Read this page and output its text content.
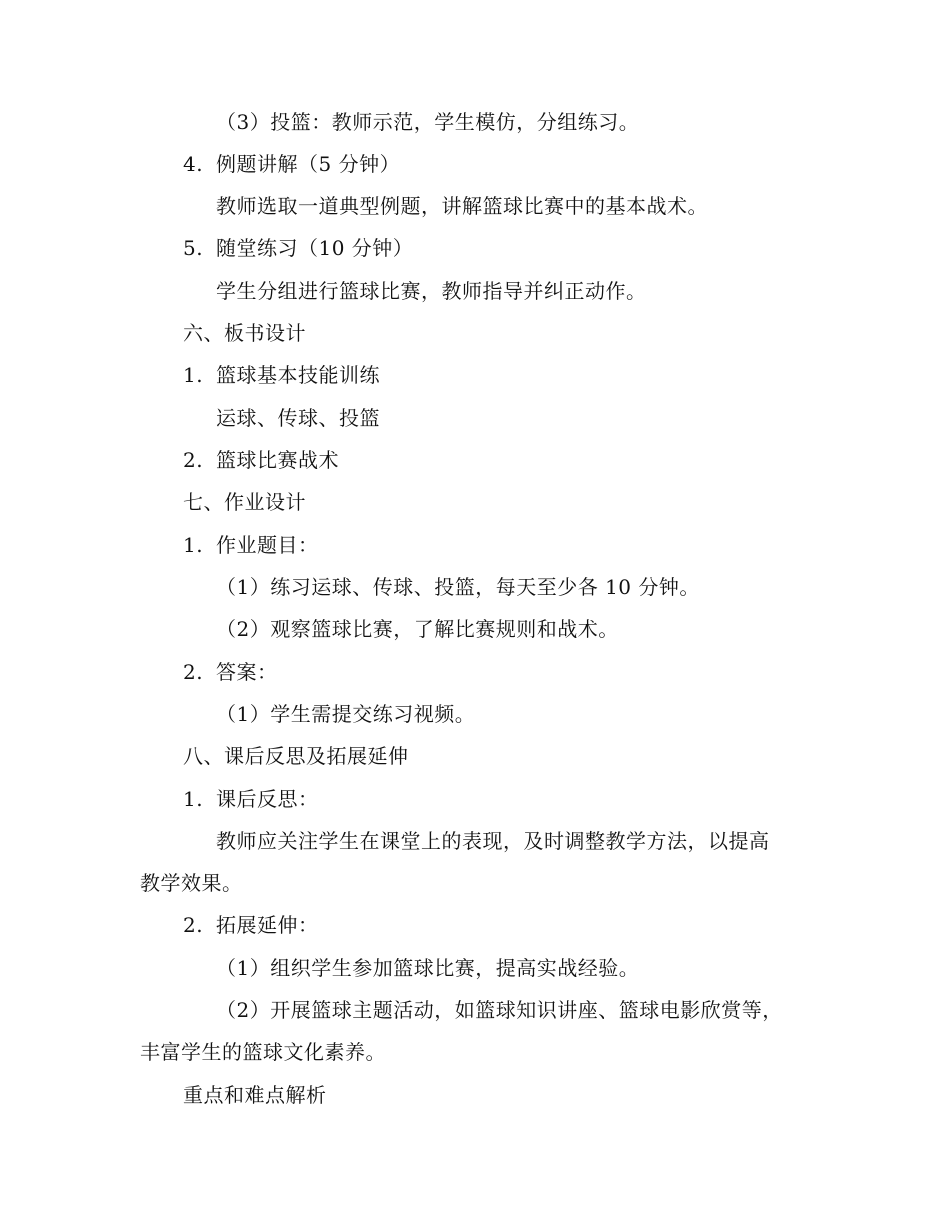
（3）投篮：教师示范，学生模仿，分组练习。
4. 例题讲解（5 分钟）
教师选取一道典型例题，讲解篮球比赛中的基本战术。
5. 随堂练习（10 分钟）
学生分组进行篮球比赛，教师指导并纠正动作。
六、板书设计
1. 篮球基本技能训练
运球、传球、投篮
2. 篮球比赛战术
七、作业设计
1. 作业题目：
（1）练习运球、传球、投篮，每天至少各 10 分钟。
（2）观察篮球比赛，了解比赛规则和战术。
2. 答案：
（1）学生需提交练习视频。
八、课后反思及拓展延伸
1. 课后反思：
教师应关注学生在课堂上的表现，及时调整教学方法，以提高
教学效果。
2. 拓展延伸：
（1）组织学生参加篮球比赛，提高实战经验。
（2）开展篮球主题活动，如篮球知识讲座、篮球电影欣赏等，
丰富学生的篮球文化素养。
重点和难点解析
